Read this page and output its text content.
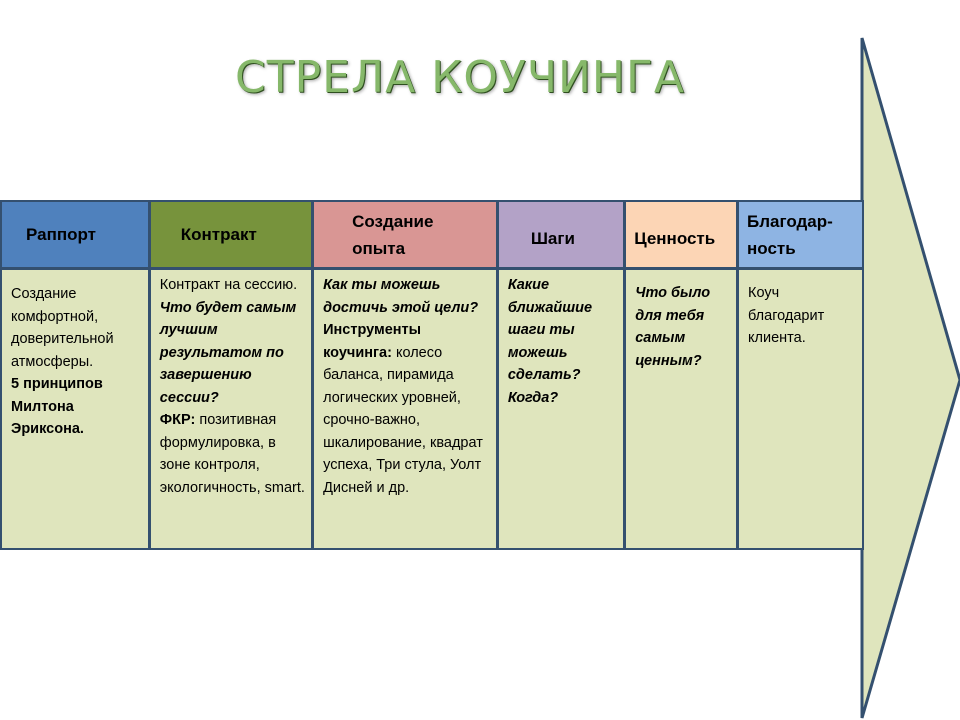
СТРЕЛА КОУЧИНГА
Раппорт

Создание комфортной, доверительной атмосферы.

5 принципов Милтона Эриксона.

Контракт

Контракт на сессию.

Что будет самым лучшим результатом по завершению сессии?

ФКР: позитивная формулировка, в зоне контроля, экологичность, smart.

Создание опыта

Как ты можешь достичь этой цели?

Инструменты коучинга: колесо баланса, пирамида логических уровней, срочно-важно, шкалирование, квадрат успеха, Три стула, Уолт Дисней и др.

Шаги

Какие ближайшие шаги ты можешь сделать? Когда?

Ценность

Что было для тебя самым ценным?

Благодар-ность

Коуч благодарит клиента.
